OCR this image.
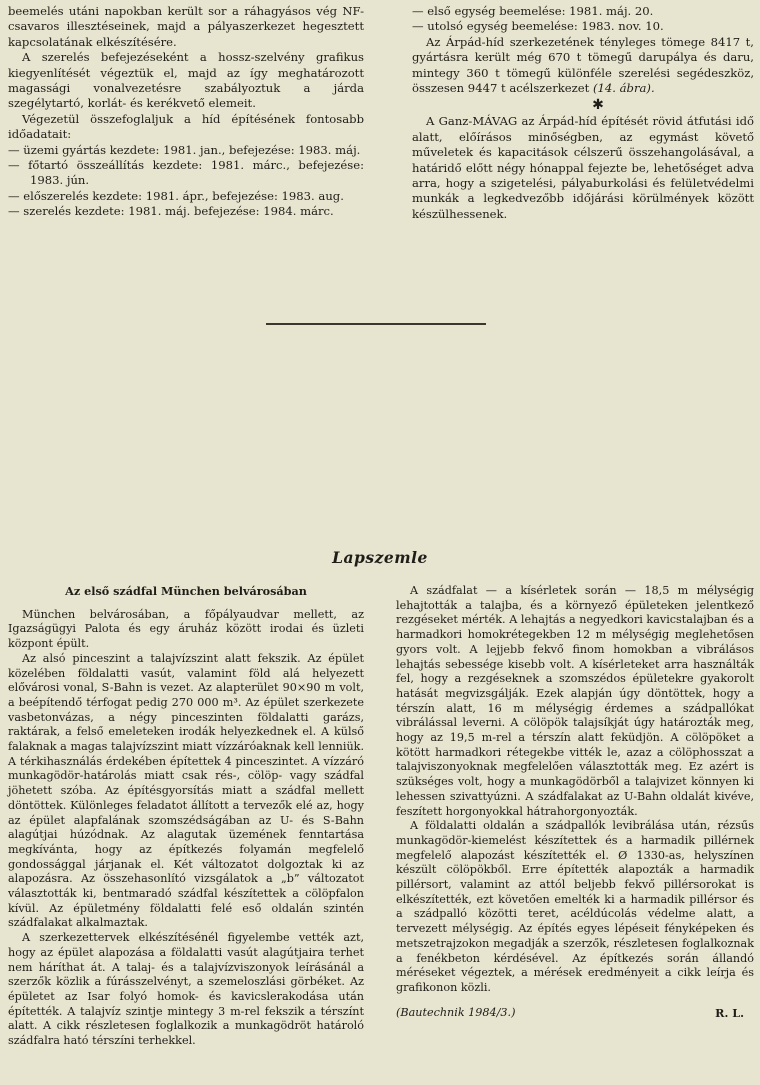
beemelés utáni napokban került sor a ráhagyásos vég NF-csavaros illesztéseinek, majd a pályaszerkezet hegesztett kapcsolatának elkészítésére.

A szerelés befejezéseként a hossz-szelvény grafikus kiegyenlítését végeztük el, majd az így meghatározott magassági vonalvezetésre szabályoztuk a járda szegélytartó, korlát- és kerékvető elemeit.

Végezetül összefoglaljuk a híd építésének fontosabb időadatait:

— üzemi gyártás kezdete: 1981. jan., befejezése: 1983. máj.

— főtartó összeállítás kezdete: 1981. márc., befejezése: 1983. jún.

— előszerelés kezdete: 1981. ápr., befejezése: 1983. aug.

— szerelés kezdete: 1981. máj. befejezése: 1984. márc.

— első egység beemelése: 1981. máj. 20.

— utolsó egység beemelése: 1983. nov. 10.

Az Árpád-híd szerkezetének tényleges tömege 8417 t, gyártásra került még 670 t tömegű darupálya és daru, mintegy 360 t tömegű különféle szerelési segédeszköz, összesen 9447 t acélszerkezet (14. ábra).

✱

A Ganz-MÁVAG az Árpád-híd építését rövid átfutási idő alatt, előírásos minőségben, az egymást követő műveletek és kapacitások célszerű összehangolásával, a határidő előtt négy hónappal fejezte be, lehetőséget adva arra, hogy a szigetelési, pályaburkolási és felületvédelmi munkák a legkedvezőbb időjárási körülmények között készülhessenek.

Lapszemle

Az első szádfal München belvárosában

München belvárosában, a főpályaudvar mellett, az Igazságügyi Palota és egy áruház között irodai és üzleti központ épült.

Az alsó pinceszint a talajvízszint alatt fekszik. Az épület közelében földalatti vasút, valamint föld alá helyezett elővárosi vonal, S-Bahn is vezet. Az alapterület 90×90 m volt, a beépítendő térfogat pedig 270 000 m³. Az épület szerkezete vasbetonvázas, a négy pinceszinten földalatti garázs, raktárak, a felső emeleteken irodák helyezkednek el. A külső falaknak a magas talajvízszint miatt vízzáróaknak kell lenniük. A térkihasználás érdekében építettek 4 pinceszintet. A vízzáró munkagödör-határolás miatt csak rés-, cölöp- vagy szádfal jöhetett szóba. Az építésgyorsítás miatt a szádfal mellett döntöttek. Különleges feladatot állított a tervezők elé az, hogy az épület alapfalának szomszédságában az U- és S-Bahn alagútjai húzódnak. Az alagutak üzemének fenntartása megkívánta, hogy az építkezés folyamán megfelelő gondossággal járjanak el. Két változatot dolgoztak ki az alapozásra. Az összehasonlító vizsgálatok a „b” változatot választották ki, bentmaradó szádfal készítettek a cölöpfalon kívül. Az épületmény földalatti felé eső oldalán szintén szádfalakat alkalmaztak.

A szerkezettervek elkészítésénél figyelembe vették azt, hogy az épület alapozása a földalatti vasút alagútjaira terhet nem háríthat át. A talaj- és a talajvízviszonyok leírásánál a szerzők közlik a fúrásszelvényt, a szemeloszlási görbéket. Az épületet az Isar folyó homok- és kavicslerakodása után építették. A talajvíz szintje mintegy 3 m-rel fekszik a térszínt alatt. A cikk részletesen foglalkozik a munkagödröt határoló szádfalra ható térszíni terhekkel.

A szádfalat — a kísérletek során — 18,5 m mélységig lehajtották a talajba, és a környező épületeken jelentkező rezgéseket mérték. A lehajtás a negyedkori kavicstalajban és a harmadkori homokrétegekben 12 m mélységig meglehetősen gyors volt. A lejjebb fekvő finom homokban a vibrálásos lehajtás sebessége kisebb volt. A kísérleteket arra használták fel, hogy a rezgéseknek a szomszédos épületekre gyakorolt hatását megvizsgálják. Ezek alapján úgy döntöttek, hogy a térszín alatt, 16 m mélységig érdemes a szádpallókat vibrálással leverni. A cölöpök talajsíkját úgy határozták meg, hogy az 19,5 m-rel a térszín alatt feküdjön. A cölöpöket a kötött harmadkori rétegekbe vitték le, azaz a cölöphosszat a talajviszonyoknak megfelelően választották meg. Ez azért is szükséges volt, hogy a munkagödörből a talajvizet könnyen ki lehessen szivattyúzni. A szádfalakat az U-Bahn oldalát kivéve, feszített horgonyokkal hátrahorgonyozták.

A földalatti oldalán a szádpallók levibrálása után, rézsűs munkagödör-kiemelést készítettek és a harmadik pillérnek megfelelő alapozást készítették el. Ø 1330-as, helyszínen készült cölöpökből. Erre építették alapozták a harmadik pillérsort, valamint az attól beljebb fekvő pillérsorokat is elkészítették, ezt követően emelték ki a harmadik pillérsor és a szádpalló közötti teret, acéldúcolás védelme alatt, a tervezett mélységig. Az építés egyes lépéseit fényképeken és metszetrajzokon megadják a szerzők, részletesen foglalkoznak a fenékbeton kérdésével. Az építkezés során állandó méréseket végeztek, a mérések eredményeit a cikk leírja és grafikonon közli.

(Bautechnik 1984/3.)	R. L.
